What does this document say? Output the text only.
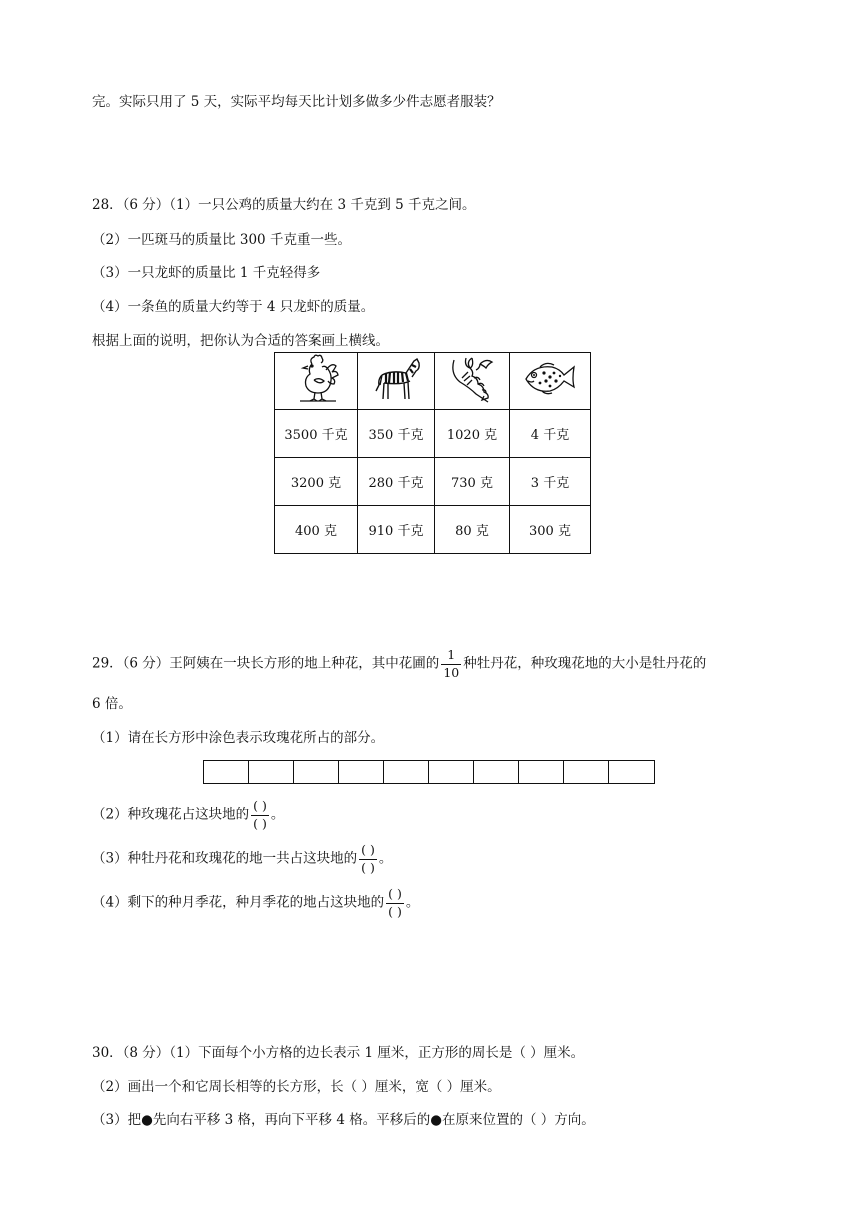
完。实际只用了 5 天，实际平均每天比计划多做多少件志愿者服装？
28．（6 分）（1）一只公鸡的质量大约在 3 千克到 5 千克之间。
（2）一匹斑马的质量比 300 千克重一些。
（3）一只龙虾的质量比 1 千克轻得多
（4）一条鱼的质量大约等于 4 只龙虾的质量。
根据上面的说明，把你认为合适的答案画上横线。

3500 千克	350 千克	1020 克	4 千克
3200 克	280 千克	730 克	3 千克
400 克	910 千克	80 克	300 克
29．（6 分）王阿姨在一块长方形的地上种花，其中花圃的 $\frac{1}{10}$ 种牡丹花，种玫瑰花地的大小是牡丹花的
6 倍。
（1）请在长方形中涂色表示玫瑰花所占的部分。
（2）种玫瑰花占这块地的 $\frac{( )}{( )}$ 。
（3）种牡丹花和玫瑰花的地一共占这块地的 $\frac{( )}{( )}$ 。
（4）剩下的种月季花，种月季花的地占这块地的 $\frac{( )}{( )}$ 。
30．（8 分）（1）下面每个小方格的边长表示 1 厘米，正方形的周长是（ ）厘米。
（2）画出一个和它周长相等的长方形，长（ ）厘米，宽（ ）厘米。
（3）把●先向右平移 3 格，再向下平移 4 格。平移后的●在原来位置的（ ）方向。
